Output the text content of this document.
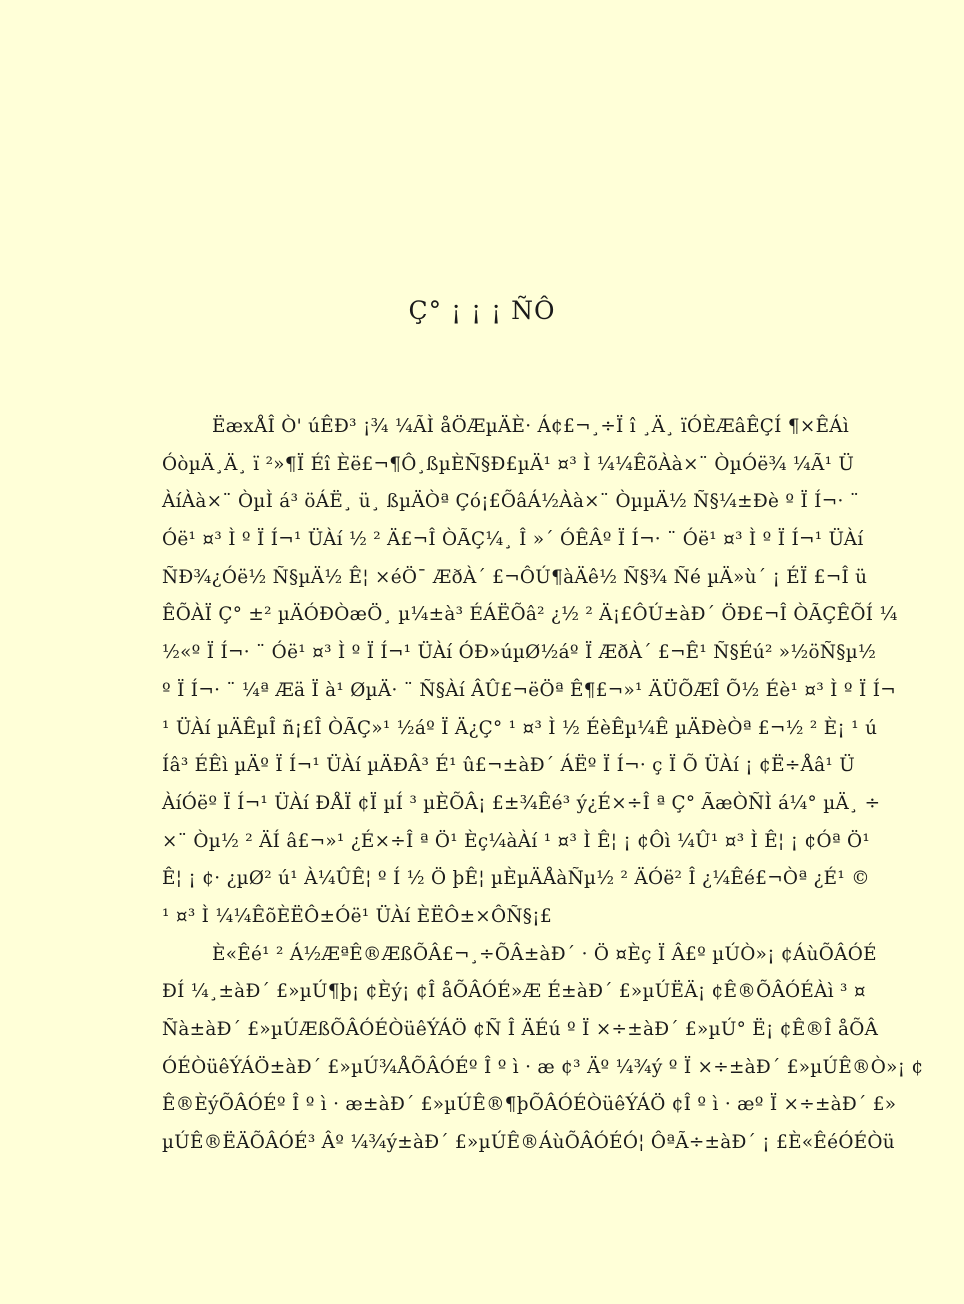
Ç° ¡ ¡ ¡ ÑÔ
ËæxÅÎ Ò' úÊÐ³ ¡¾ ¼ÃÌ åÖÆµÄÈ· Á¢£¬¸÷Ï î ¸Ä¸ ïÓÈÆâÊÇÍ ¶×ÊÁì
ÓòµÄ¸Ä¸ ï ²»¶Ï Éî Èë£¬¶Ô¸ßµÈÑ§Ð£µÄ¹ ¤³ Ì ¼¼ÊõÀà×¨ ÒµÓë¾ ¼Ã¹ Ü
ÀíÀà×¨ ÒµÌ á³ öÁË¸ ü¸ ßµÄÒª Çó¡£ÕâÁ½Àà×¨ ÒµµÄ½ Ñ§¼±Ðè º Ï Í¬· ¨
Óë¹ ¤³ Ì º Ï Í¬¹ ÜÀí ½ ² Ä£¬Î ÒÃÇ¼¸ Î »´ ÓÊÂº Ï Í¬· ¨ Óë¹ ¤³ Ì º Ï Í¬¹ ÜÀí
ÑÐ¾¿Óë½ Ñ§µÄ½ Ê¦ ×éÖ¯ ÆðÀ´ £¬ÔÚ¶àÄê½ Ñ§¾ Ñé µÄ»ù´ ¡ ÉÏ £¬Î ü
ÊÕÀÏ Ç° ±² µÄÓÐÒæÖ¸ µ¼±à³ ÉÁËÕâ² ¿½ ² Ä¡£ÔÚ±àÐ´ ÖÐ£¬Î ÒÃÇÊÕÍ ¼
½«º Ï Í¬· ¨ Óë¹ ¤³ Ì º Ï Í¬¹ ÜÀí ÓÐ»úµØ½áº Ï ÆðÀ´ £¬Ê¹ Ñ§Éú² »½öÑ§µ½
º Ï Í¬· ¨ ¼ª Æä Ï à¹ ØµÄ· ¨ Ñ§Àí ÂÛ£¬ëÖª Ê¶£¬»¹ ÄÜÕÆÎ Õ½ Éè¹ ¤³ Ì º Ï Í¬
¹ ÜÀí µÄÊµÎ ñ¡£Î ÒÃÇ»¹ ½áº Ï Ä¿Ç° ¹ ¤³ Ì ½ ÉèÊµ¼Ê µÄÐèÒª £¬½ ² È¡ ¹ ú
Íâ³ ÉÊì µÄº Ï Í¬¹ ÜÀí µÄÐÂ³ É¹ û£¬±àÐ´ ÁËº Ï Í¬· ç Ï Õ ÜÀí ¡ ¢Ë÷Åâ¹ Ü
ÀíÓëº Ï Í¬¹ ÜÀí ÐÅÏ ¢Ï µÍ ³ µÈÕÂ¡ £±¾Êé³ ý¿É×÷Î ª Ç° ÃæÒÑÌ á¼° µÄ¸ ÷
×¨ Òµ½ ² ÄÍ â£¬»¹ ¿É×÷Î ª Ö¹ Èç¼àÀí ¹ ¤³ Ì Ê¦ ¡ ¢Ôì ¼Û¹ ¤³ Ì Ê¦ ¡ ¢Óª Ö¹
Ê¦ ¡ ¢· ¿µØ² ú¹ À¼ÛÊ¦ º Í ½ Ö þÊ¦ µÈµÄÅàÑµ½ ² ÄÓë² Î ¿¼Êé£¬Òª ¿É¹ ©
¹ ¤³ Ì ¼¼ÊõÈËÔ±Óë¹ ÜÀí ÈËÔ±×ÔÑ§¡£
È«Êé¹ ² Á½ÆªÊ®ÆßÕÂ£¬¸÷ÕÂ±àÐ´ · Ö ¤Èç Ï Â£º µÚÒ»¡ ¢ÁùÕÂÓÉ
ÐÍ ¼¸±àÐ´ £»µÚ¶þ¡ ¢Èý¡ ¢Î åÕÂÓÉ»Æ É±àÐ´ £»µÚËÄ¡ ¢Ê®ÕÂÓÉÀì ³ ¤
Ñà±àÐ´ £»µÚÆßÕÂÓÉÒüêÝÁÖ ¢Ñ Î ÄÉú º Ï ×÷±àÐ´ £»µÚ° Ë¡ ¢Ê®Î åÕÂ
ÓÉÒüêÝÁÖ±àÐ´ £»µÚ¾ÅÕÂÓÉº Î º ì · æ ¢³ Äº ¼¾ý º Ï ×÷±àÐ´ £»µÚÊ®Ò»¡ ¢
Ê®ÈýÕÂÓÉº Î º ì · æ±àÐ´ £»µÚÊ®¶þÕÂÓÉÒüêÝÁÖ ¢Î º ì · æº Ï ×÷±àÐ´ £»
µÚÊ®ËÄÕÂÓÉ³ Âº ¼¾ý±àÐ´ £»µÚÊ®ÁùÕÂÓÉÓ¦ ÔªÃ÷±àÐ´ ¡ £È«ÊéÓÉÒü
